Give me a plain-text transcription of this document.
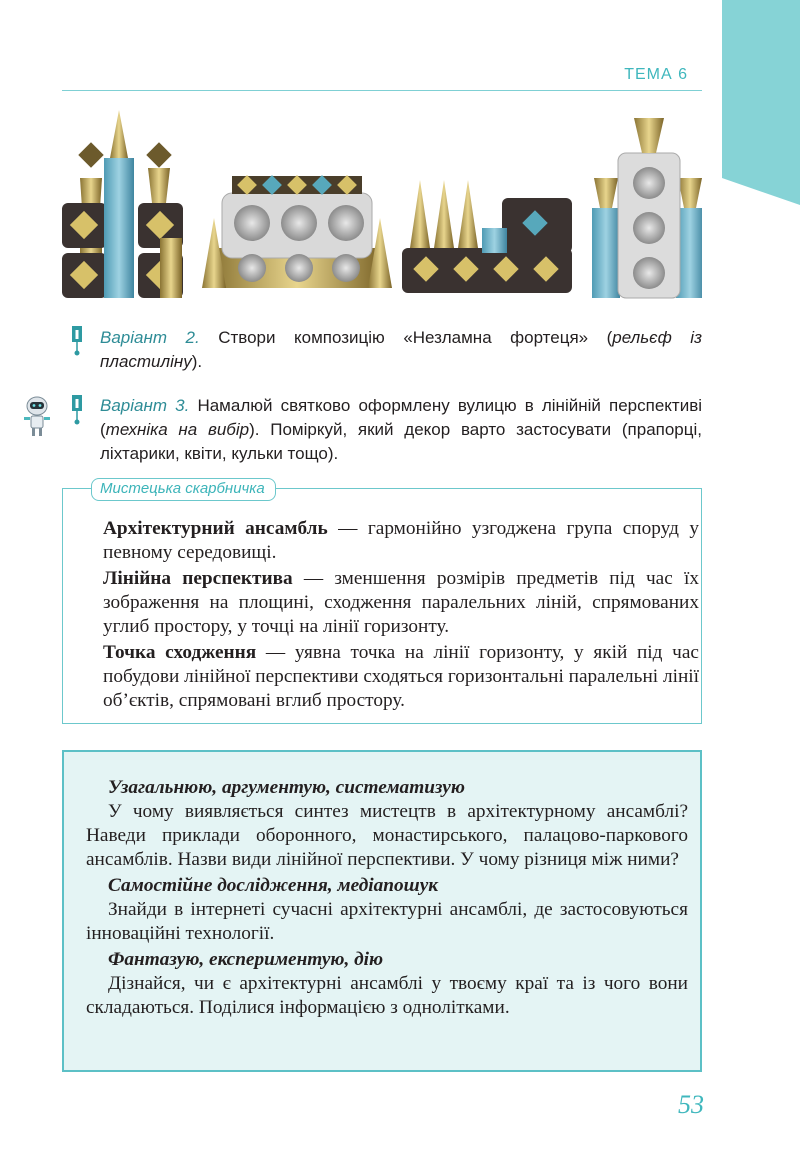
ТЕМА 6

Варіант 2. Створи композицію «Незламна фортеця» (рельєф із пластиліну).

Варіант 3. Намалюй святково оформлену вулицю в лінійній перспективі (техніка на вибір). Поміркуй, який декор варто застосувати (прапорці, ліхтарики, квіти, кульки тощо).

Мистецька скарбничка

Архітектурний ансамбль — гармонійно узгоджена група споруд у певному середовищі.

Лінійна перспектива — зменшення розмірів предметів під час їх зображення на площині, сходження паралельних ліній, спрямованих углиб простору, у точці на лінії горизонту.

Точка сходження — уявна точка на лінії горизонту, у якій під час побудови лінійної перспективи сходяться горизонтальні паралельні лінії об’єктів, спрямовані вглиб простору.

Узагальнюю, аргументую, систематизую

У чому виявляється синтез мистецтв в архітектурному ансамблі? Наведи приклади оборонного, монастирського, палацово-паркового ансамблів. Назви види лінійної перспективи. У чому різниця між ними?

Самостійне дослідження, медіапошук

Знайди в інтернеті сучасні архітектурні ансамблі, де застосовуються інноваційні технології.

Фантазую, експериментую, дію

Дізнайся, чи є архітектурні ансамблі у твоєму краї та із чого вони складаються. Поділися інформацією з однолітками.

53
